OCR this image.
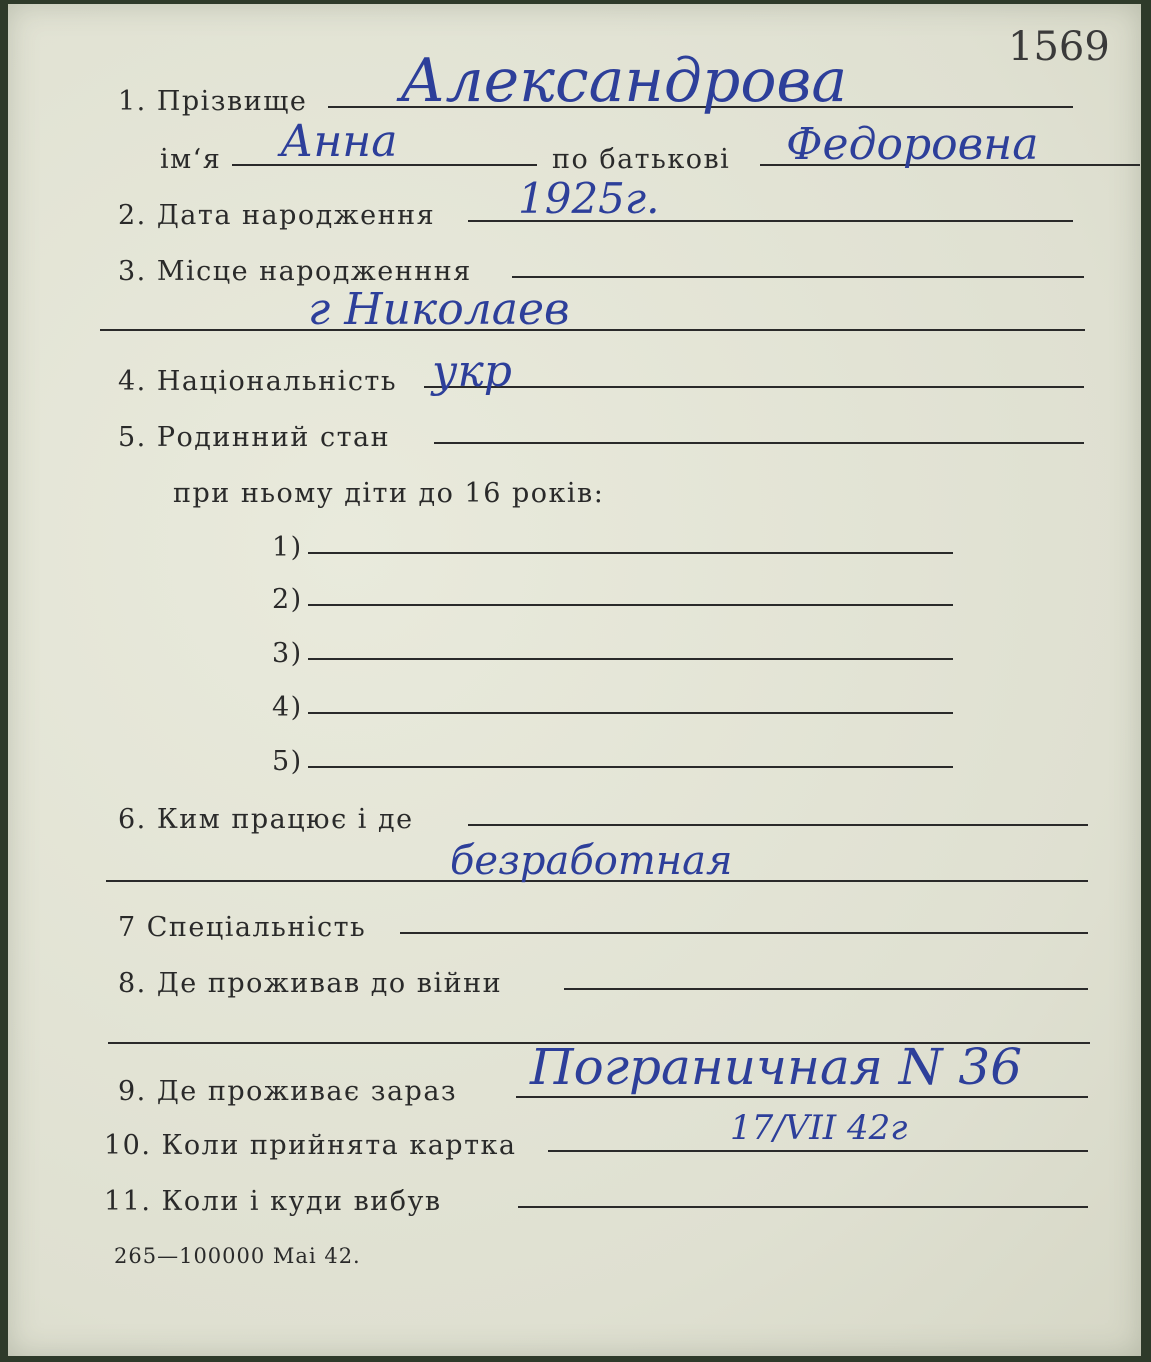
1569
1. Прізвище Александрова
ім‘я Анна	по батькові Федоровна
2. Дата народження 1925г.
3. Місце народженння
г Николаев
4. Національність укр
5. Родинний стан
при ньому діти до 16 років:
1)
2)
3)
4)
5)
6. Ким працює і де
безработная
7 Спеціальність
8. Де проживав до війни
9. Де проживає зараз Пограничная N 36
10. Коли прийнята картка	17/VII 42г
11. Коли і куди вибув
265—100000 Mai 42.
